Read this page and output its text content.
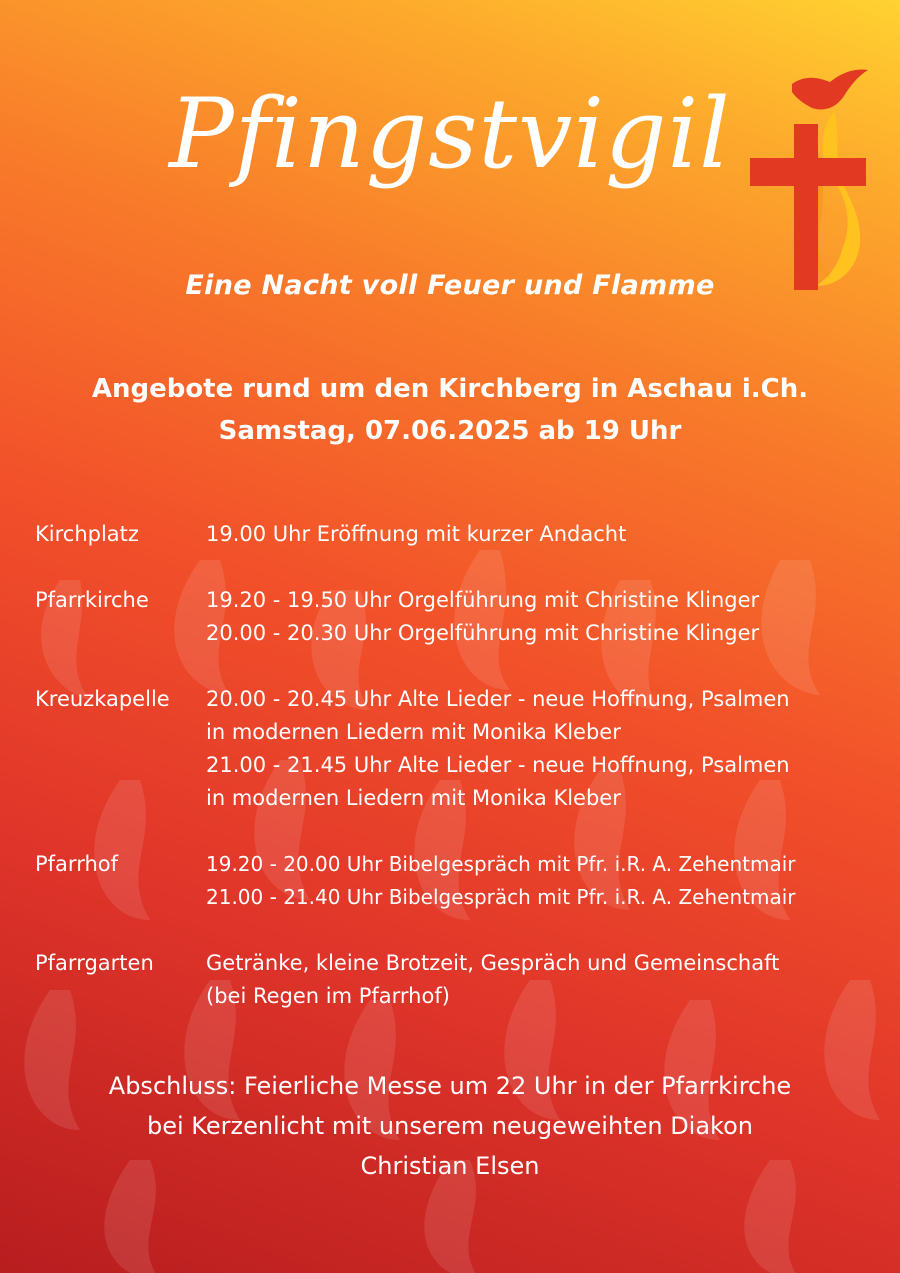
Pfingstvigil
Eine Nacht voll Feuer und Flamme
Angebote rund um den Kirchberg in Aschau i.Ch.
Samstag, 07.06.2025 ab 19 Uhr
Kirchplatz	19.00 Uhr Eröffnung mit kurzer Andacht
Pfarrkirche	19.20 - 19.50 Uhr Orgelführung mit Christine Klinger
20.00 - 20.30 Uhr Orgelführung mit Christine Klinger
Kreuzkapelle	20.00 - 20.45 Uhr Alte Lieder - neue Hoffnung, Psalmen
in modernen Liedern mit Monika Kleber
21.00 - 21.45 Uhr Alte Lieder - neue Hoffnung, Psalmen
in modernen Liedern mit Monika Kleber
Pfarrhof	19.20 - 20.00 Uhr Bibelgespräch mit Pfr. i.R. A. Zehentmair
21.00 - 21.40 Uhr Bibelgespräch mit Pfr. i.R. A. Zehentmair
Pfarrgarten	Getränke, kleine Brotzeit, Gespräch und Gemeinschaft
(bei Regen im Pfarrhof)
Abschluss: Feierliche Messe um 22 Uhr in der Pfarrkirche
bei Kerzenlicht mit unserem neugeweihten Diakon
Christian Elsen
